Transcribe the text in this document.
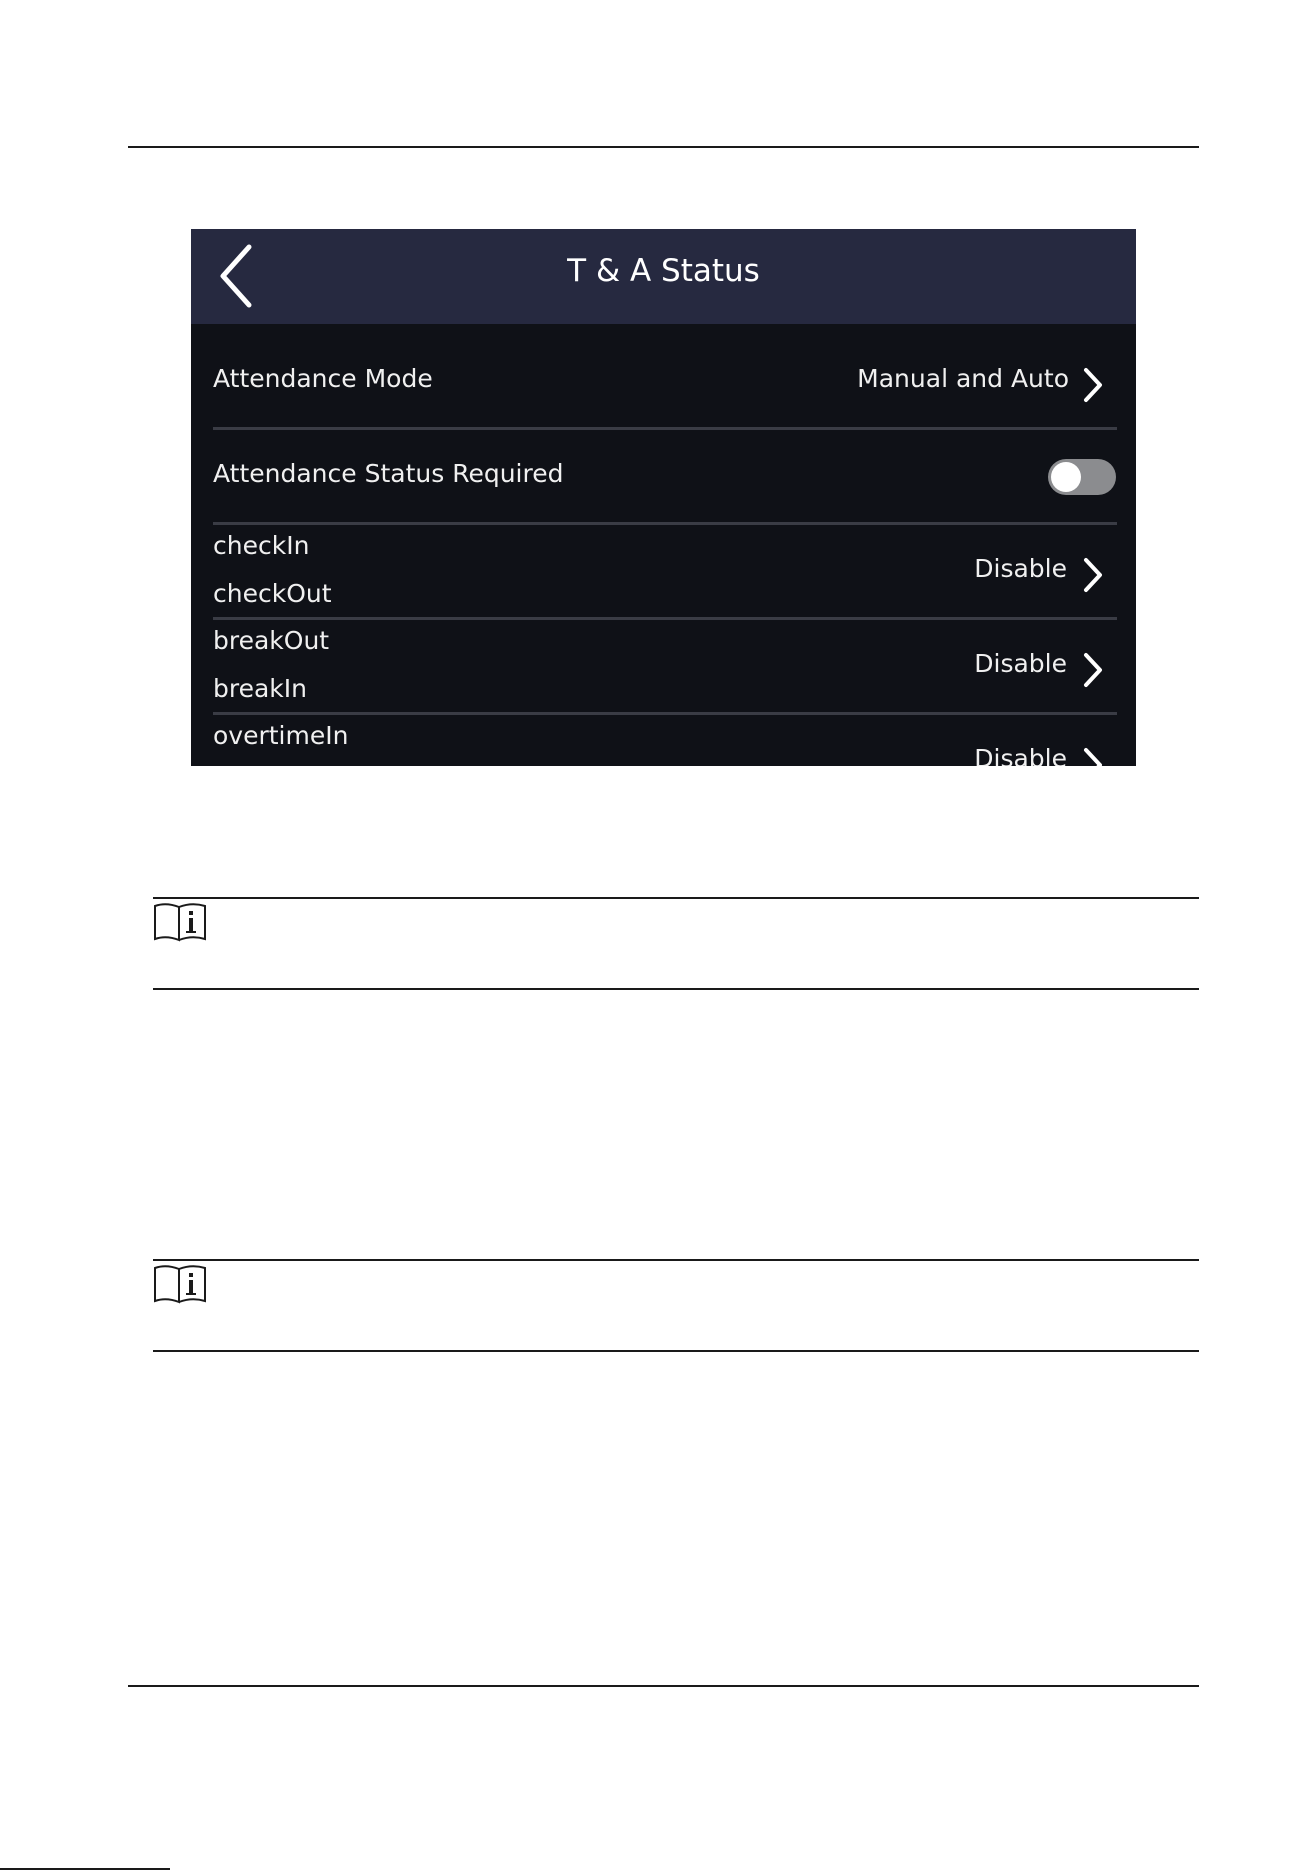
T & A Status
Attendance Mode	Manual and Auto
Attendance Status Required
checkIn
checkOut
Disable
breakOut
breakIn
Disable
overtimeIn
Disable
